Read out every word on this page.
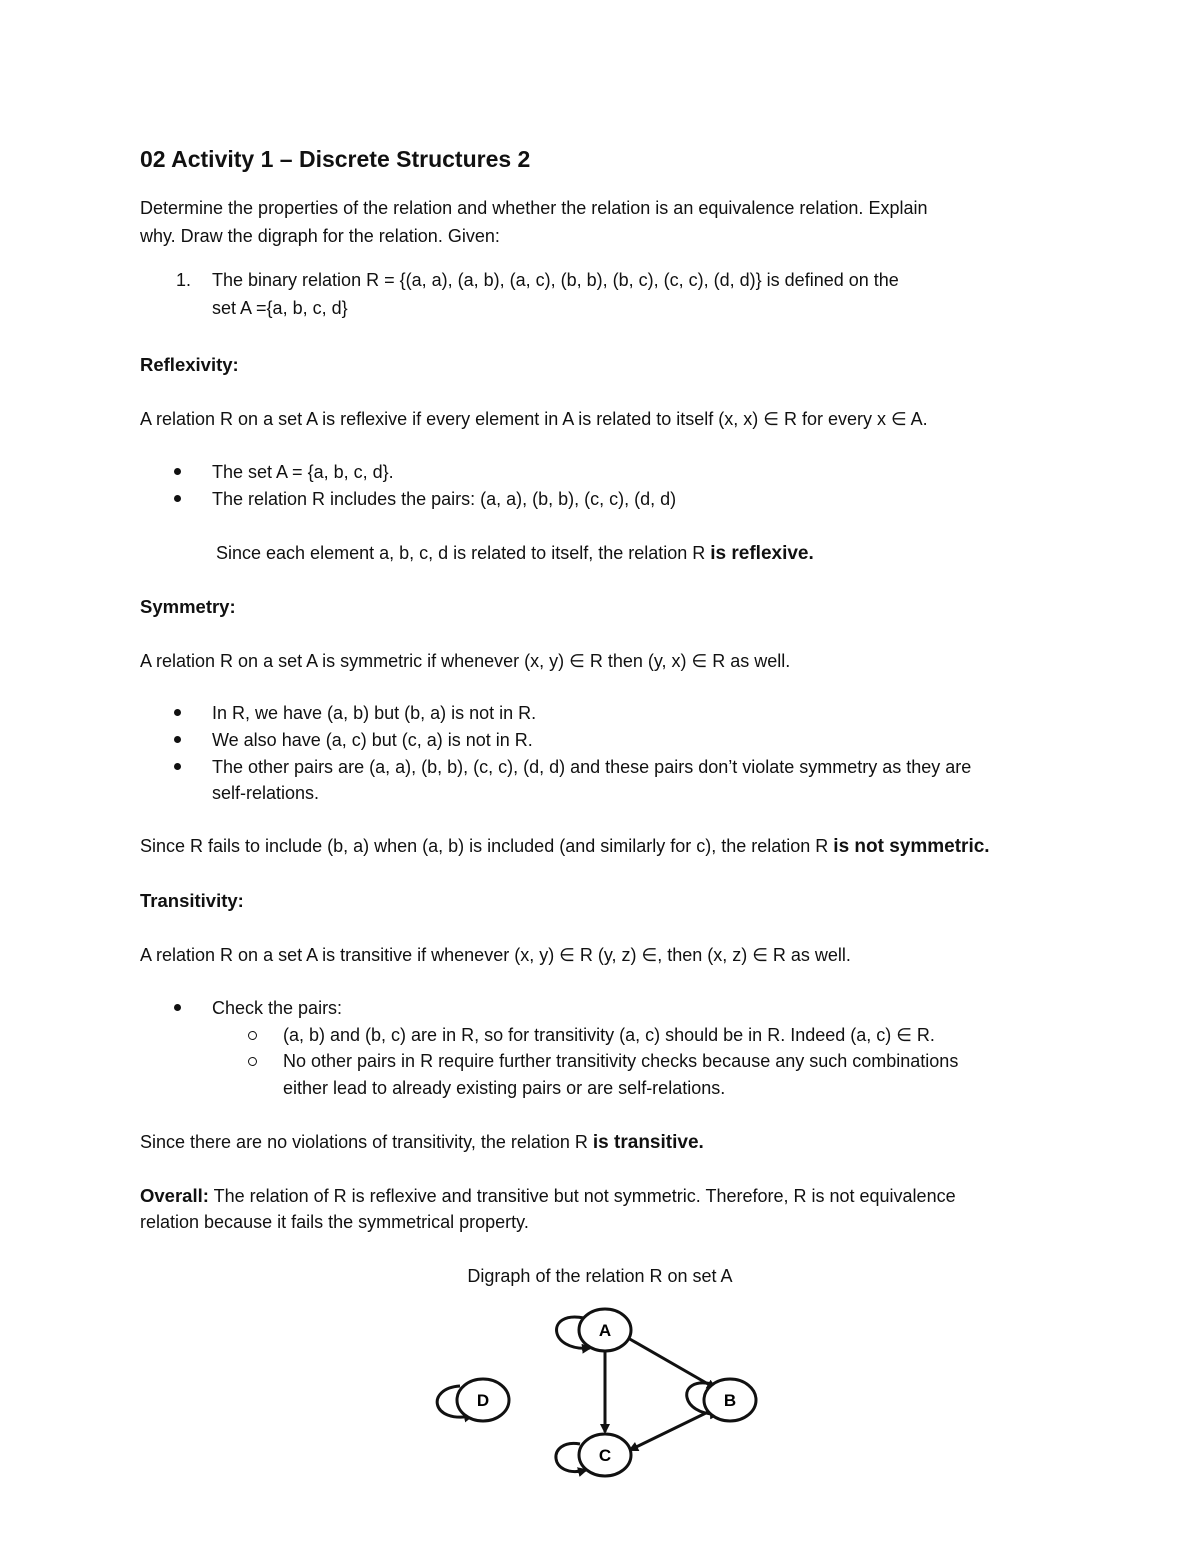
02 Activity 1 – Discrete Structures 2
Determine the properties of the relation and whether the relation is an equivalence relation. Explain
why. Draw the digraph for the relation. Given:
1. The binary relation R = {(a, a), (a, b), (a, c), (b, b), (b, c), (c, c), (d, d)} is defined on the
set A ={a, b, c, d}
Reflexivity:
A relation R on a set A is reflexive if every element in A is related to itself (x, x) ∈ R for every x ∈ A.
The set A = {a, b, c, d}.
The relation R includes the pairs: (a, a), (b, b), (c, c), (d, d)
Since each element a, b, c, d is related to itself, the relation R is reflexive.
Symmetry:
A relation R on a set A is symmetric if whenever (x, y) ∈ R then (y, x) ∈ R as well.
In R, we have (a, b) but (b, a) is not in R.
We also have (a, c) but (c, a) is not in R.
The other pairs are (a, a), (b, b), (c, c), (d, d) and these pairs don’t violate symmetry as they are
self-relations.
Since R fails to include (b, a) when (a, b) is included (and similarly for c), the relation R is not symmetric.
Transitivity:
A relation R on a set A is transitive if whenever (x, y) ∈ R (y, z) ∈, then (x, z) ∈ R as well.
Check the pairs:
(a, b) and (b, c) are in R, so for transitivity (a, c) should be in R. Indeed (a, c) ∈ R.
No other pairs in R require further transitivity checks because any such combinations
either lead to already existing pairs or are self-relations.
Since there are no violations of transitivity, the relation R is transitive.
Overall: The relation of R is reflexive and transitive but not symmetric. Therefore, R is not equivalence
relation because it fails the symmetrical property.
Digraph of the relation R on set A
A
B
C
D
